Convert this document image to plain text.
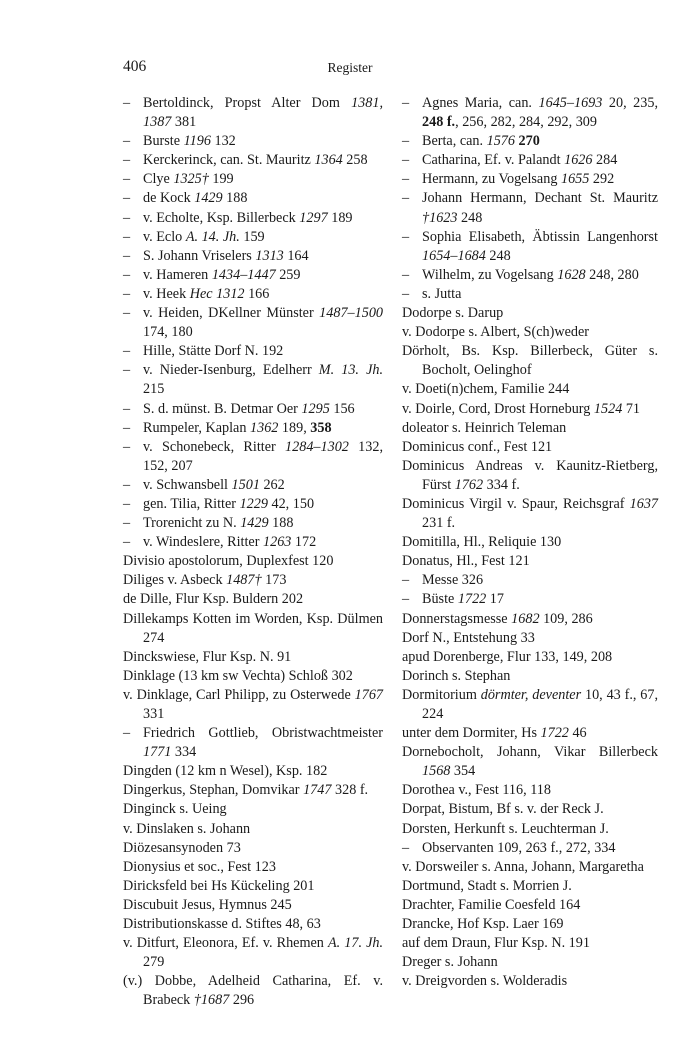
406	Register
– Bertoldinck, Propst Alter Dom 1381, 1387 381
– Burste 1196 132
– Kerckerinck, can. St. Mauritz 1364 258
– Clye 1325† 199
– de Kock 1429 188
– v. Echolte, Ksp. Billerbeck 1297 189
– v. Eclo A. 14. Jh. 159
– S. Johann Vriselers 1313 164
– v. Hameren 1434–1447 259
– v. Heek Hec 1312 166
– v. Heiden, DKellner Münster 1487–1500 174, 180
– Hille, Stätte Dorf N. 192
– v. Nieder-Isenburg, Edelherr M. 13. Jh. 215
– S. d. münst. B. Detmar Oer 1295 156
– Rumpeler, Kaplan 1362 189, 358
– v. Schonebeck, Ritter 1284–1302 132, 152, 207
– v. Schwansbell 1501 262
– gen. Tilia, Ritter 1229 42, 150
– Troreniсht zu N. 1429 188
– v. Windeslere, Ritter 1263 172
Divisio apostolorum, Duplexfest 120
Diliges v. Asbeck 1487† 173
de Dille, Flur Ksp. Buldern 202
Dillekamps Kotten im Worden, Ksp. Dülmen 274
Dinckswiese, Flur Ksp. N. 91
Dinklage (13 km sw Vechta) Schloß 302
v. Dinklage, Carl Philipp, zu Osterwede 1767 331
– Friedrich Gottlieb, Obristwachtmeister 1771 334
Dingden (12 km n Wesel), Ksp. 182
Dingerkus, Stephan, Domvikar 1747 328 f.
Dinginck s. Ueing
v. Dinslaken s. Johann
Diözesansynoden 73
Dionysius et soc., Fest 123
Diricksfeld bei Hs Kückeling 201
Discubuit Jesus, Hymnus 245
Distributionskasse d. Stiftes 48, 63
v. Ditfurt, Eleonora, Ef. v. Rhemen A. 17. Jh. 279
(v.) Dobbe, Adelheid Catharina, Ef. v. Brabeck †1687 296
– Agnes Maria, can. 1645–1693 20, 235, 248 f., 256, 282, 284, 292, 309
– Berta, can. 1576 270
– Catharina, Ef. v. Palandt 1626 284
– Hermann, zu Vogelsang 1655 292
– Johann Hermann, Dechant St. Mauritz †1623 248
– Sophia Elisabeth, Äbtissin Langenhorst 1654–1684 248
– Wilhelm, zu Vogelsang 1628 248, 280
– s. Jutta
Dodorpe s. Darup
v. Dodorpe s. Albert, S(ch)weder
Dörholt, Bs. Ksp. Billerbeck, Güter s. Bocholt, Oelinghof
v. Doeti(n)chem, Familie 244
v. Doirle, Cord, Drost Horneburg 1524 71
doleator s. Heinrich Teleman
Dominicus conf., Fest 121
Dominicus Andreas v. Kaunitz-Rietberg, Fürst 1762 334 f.
Dominicus Virgil v. Spaur, Reichsgraf 1637 231 f.
Domitilla, Hl., Reliquie 130
Donatus, Hl., Fest 121
– Messe 326
– Büste 1722 17
Donnerstagsmesse 1682 109, 286
Dorf N., Entstehung 33
apud Dorenberge, Flur 133, 149, 208
Dorinch s. Stephan
Dormitorium dörmter, deventer 10, 43 f., 67, 224
unter dem Dormiter, Hs 1722 46
Dornebocholt, Johann, Vikar Billerbeck 1568 354
Dorothea v., Fest 116, 118
Dorpat, Bistum, Bf s. v. der Reck J.
Dorsten, Herkunft s. Leuchterman J.
– Observanten 109, 263 f., 272, 334
v. Dorsweiler s. Anna, Johann, Margaretha
Dortmund, Stadt s. Morrien J.
Drachter, Familie Coesfeld 164
Drancke, Hof Ksp. Laer 169
auf dem Draun, Flur Ksp. N. 191
Dreger s. Johann
v. Dreigvorden s. Wolderadis
